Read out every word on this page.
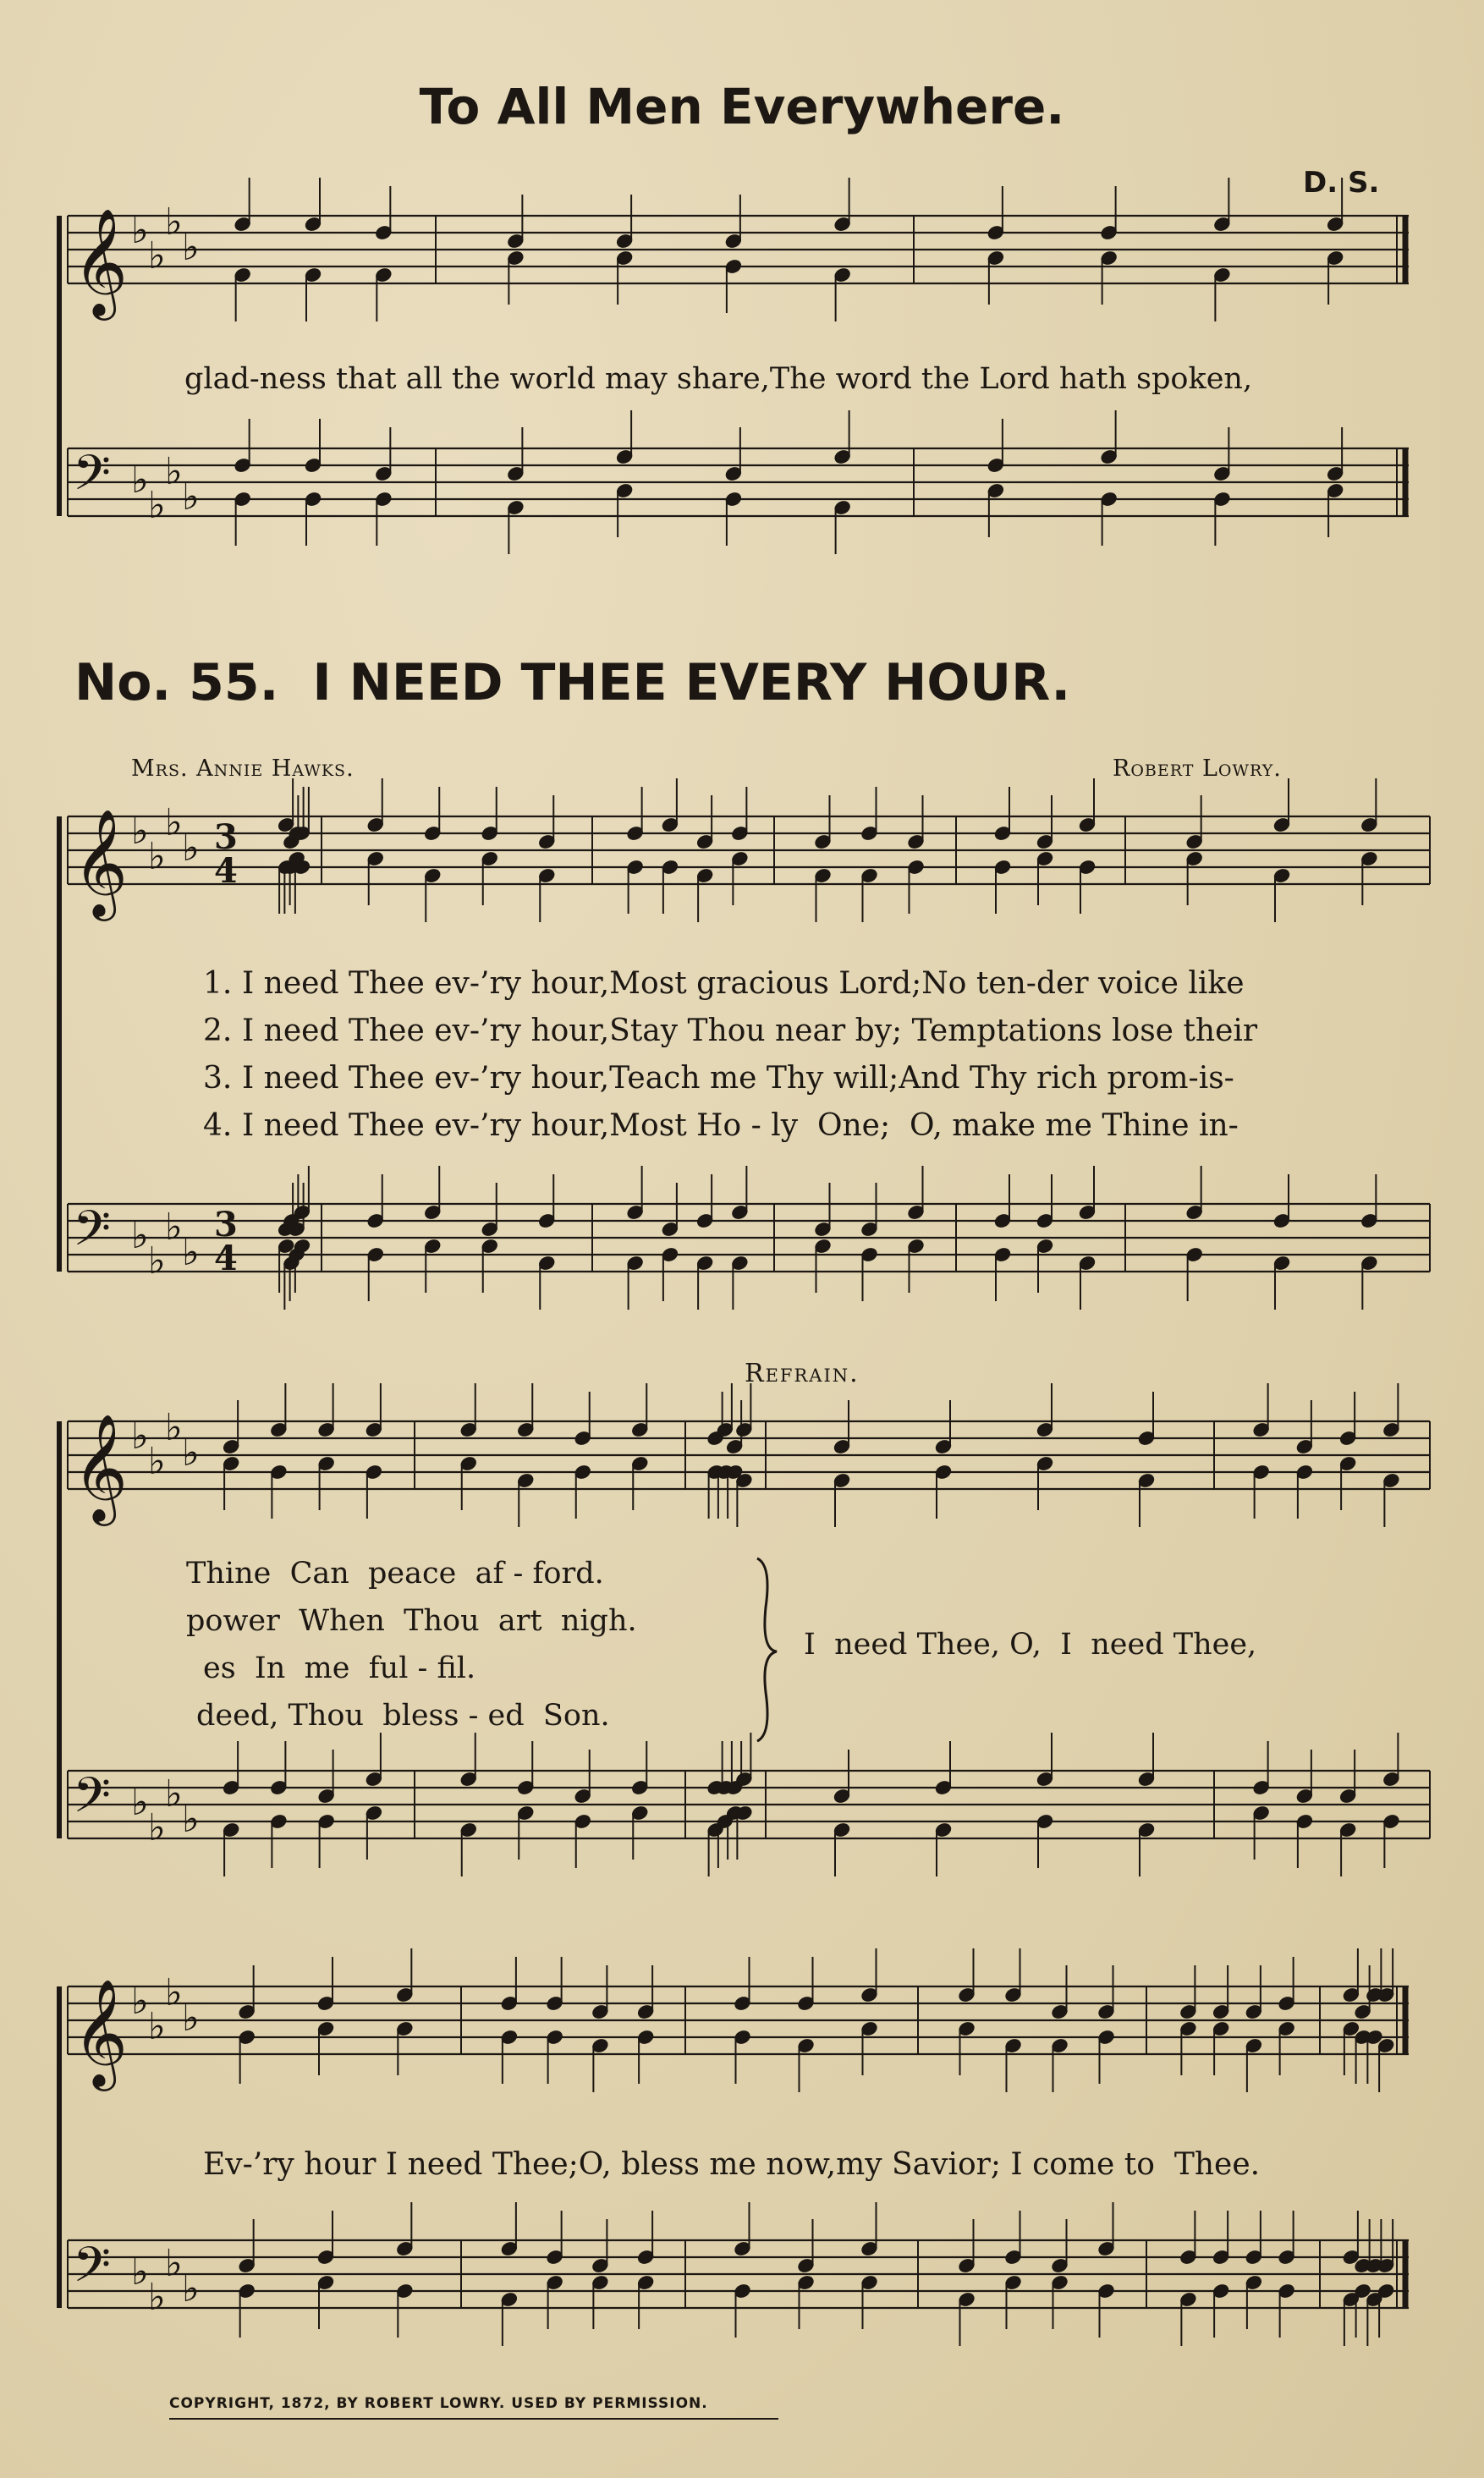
To All Men Everywhere.
D. S.
glad-ness that all the world may share,The word the Lord hath spoken,
No. 55. I NEED THEE EVERY HOUR.
Mrs. Annie Hawks.	Robert Lowry.
1. I need Thee ev-’ry hour,Most gracious Lord;No ten-der voice like
2. I need Thee ev-’ry hour,Stay Thou near by; Temptations lose their
3. I need Thee ev-’ry hour,Teach me Thy will;And Thy rich prom-is-
4. I need Thee ev-’ry hour,Most Ho - ly  One;  O, make me Thine in-
Refrain.
Thine  Can  peace  af - ford.
power  When  Thou  art  nigh.
es  In  me  ful - fil.
deed, Thou  bless - ed  Son.
I  need Thee, O,  I  need Thee,
Ev-’ry hour I need Thee;O, bless me now,my Savior; I come to  Thee.
COPYRIGHT, 1872, BY ROBERT LOWRY. USED BY PERMISSION.
𝄞 ♭
♭
♭
♭
𝄢 ♭
♭
♭
♭
𝄞 ♭
♭
♭
♭
𝄢 ♭
♭
♭
♭
3
4
3
4
𝄞 ♭
♭
♭
♭
𝄢 ♭
♭
♭
♭
𝄞 ♭
♭
♭
♭
𝄢 ♭
♭
♭
♭
